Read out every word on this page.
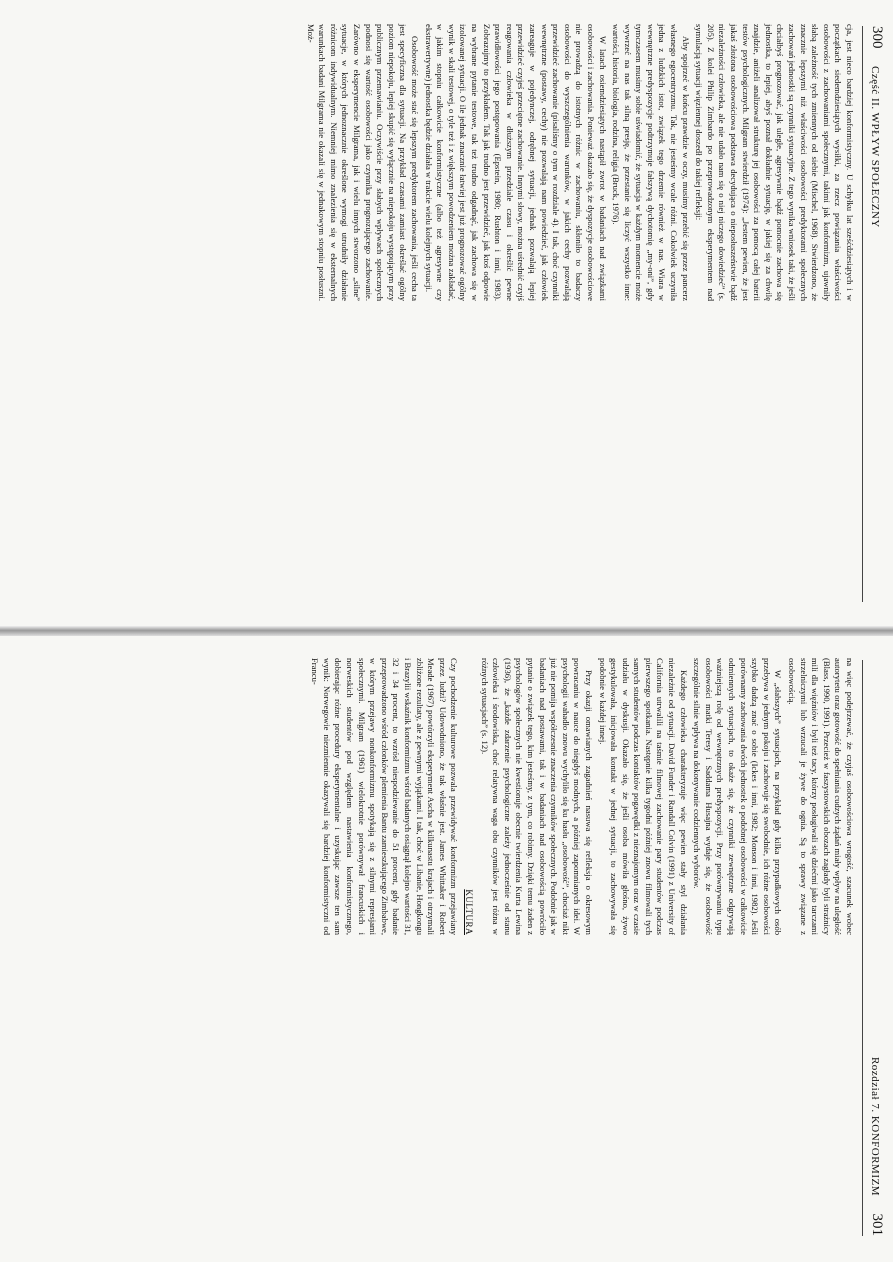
300
Część II. WPŁYW SPOŁECZNY

cja, jest nieco bardziej konformistyczny. U schyłku lat sześćdziesiątych i w początkach siedemdziesiątych wysiłki, za rzecz powiązania właściwości osobowości z zachowaniami społecznymi, takimi jak konformizm, ujawniły słabą zależność tych zmiennych od siebie (Mischel, 1968). Stwierdzono, że znacznie lepszymi niż właściwości osobowości predyktorami społecznych zachowań jednostki są czynniki sytuacyjne. Z tego wynika wniosek taki, że jeśli chciałbyś prognozować, jak uległe, agresywnie bądź pomocnie zachowa się jednostka, to lepiej, abyś poznał dokładnie sytuację, w jakiej się za chwilę znajdzie, aniżeli analizował strukturę jej osobowości za pomocą całej baterii testów psychologicznych. Milgram stwierdził (1974): „Jestem pewien, że jest jakaś złożona osobowościowa podstawa decydująca o nieposłuszeństwie bądź niezależności człowieka, ale nie udało nam się o niej niczego dowiedzieć” (s. 205). Z kolei Philip Zimbardo po przeprowadzonym eksperymentem nad symulacją sytuacji więziennej doszedł do takiej refleksji:

Aby spojrzeć w końcu prawdzie w oczy, musimy przebić się przez pancerz własnego egocentryzmu. Tak, nie jesteśmy wcale różni. Cokolwiek uczyniła jedna z ludzkich istot, związek tego drzemie również w nas. Wiara w wewnętrzne predyspozycje podtrzymuje fałszywą dychotomię „my-oni”, gdy tymczasem musimy sobie uświadomić, że sytuacja w każdym momencie może wywrzeć na nas tak silną presję, że przestanie się liczyć wszystko inne: wartości, historia, biologia, rodzina, religia (Bruck, 1976).

W latach osiemdziesiątych nastąpił zwrot w badaniach nad związkami osobowości i zachowania. Ponieważ okazało się, że dyspozycje osobowościowe nie prowadzą do istotnych różnic w zachowaniu, skłoniło to badaczy osobowości do wyszczególnienia warunków, w jakich cechy pozwalają przewidzieć zachowanie (pisaliśmy o tym w rozdziale 4). I tak, choć czynniki wewnętrzne (postawy, cechy) nie pozwalają nam powiedzieć, jak człowiek zareaguje w pojedynczej, odrębnej sytuacji, jednak pozwalają lepiej przewidzieć czyjeś przeciętne zachowanie. Innymi słowy, można uśrednić czyjś reagowania człowieka w dłuższym przedziale czasu i określić pewne prawidłowości jego postępowania (Epstein, 1980; Rushton i inni, 1983). Zobrazujmy to przykładem. Tak jak trudno jest przewidzieć, jak ktoś odpowie na wybrane pytanie testowe, tak też trudno odgadnąć, jak zachowa się w izolowanej sytuacji. O ile jednak znacznie łatwiej jest już prognozować ogólny wynik w skali testowej, o tyle też i z większym powodzeniem można zakładać, w jakim stopniu całkowicie konformistyczne (albo też agresywne czy ekstrawertywne) jednostka będzie działała w trakcie wielu kolejnych sytuacji.

Osobowość może stać się lepszym predyktorem zachowania, jeśli cecha ta jest specyficzna dla sytuacji. Na przykład czasami zamiast określać ogólny poziom niepokoju, lepiej skupić się wyłącznie na niepokoju występującym przy publicznym przemawianiu. Oczywiście przy słabych wpływach społecznych podnosi się wartość osobowości jako czynnika prognozującego zachowanie. Zarówno w eksperymencie Milgrama, jak i wielu innych stworzono „silne” sytuacje, w których jednoznacznie określone wymogi utrudniły działanie różnicom indywidualnym. Niemniej mimo znalezienia się w eksternalnych warunkach badani Milgrama nie okazali się w jednakowym stopniu posłuszni. Moż-

Rozdział 7. KONFORMIZM
301

na więc podejrzewać, że czyjaś osobowościowa wrogość, szacunek wobec autorytetu oraz gotowość do spełniania cudzych żądań miały wpływ na uległość (Blass, 1990, 1991). Przecież w faszystowskich obozach zagłady byli strażnicy mili dla więźniów i byli też tacy, którzy posługiwali się dziećmi jako tarczami strzelniczymi lub wrzucali je żywe do ognia. Są to sprawy związane z osobowością.

W „słabszych” sytuacjach, na przykład gdy kilka przypadkowych osób przebywa w jednym pokoju i zachowuje się swobodnie, ich różne osobowości szybko dadzą znać o sobie (Ickes i inni, 1982; Monson i inni, 1982). Jeśli porównamy zachowania dwóch jednostek o podobnej osobowości w całkowicie odmiennych sytuacjach, to okaże się, że czynniki zewnętrzne odgrywają ważniejszą rolę od wewnętrznych predyspozycji. Przy porównywaniu typu osobowości matki Teresy i Saddama Husajna wydaje się, że osobowość szczególnie silnie wpływa na dokonywanie codziennych wyborów.

Każdego człowieka charakteryzuje więc pewien stały styl działania niezależnie od sytuacji. David Funder i Randall Colvin (1991) z University of California utrwalili na taśmie filmowej zachowanie pary studentów podczas pierwszego spotkania. Następnie kilka tygodni później znowu filmowali tych samych studentów podczas kontaktów pogawędki z nieznajomym oraz w czasie udziału w dyskusji. Okazało się, że jeśli osoba mówiła głośno, żywo gestykulowała, inicjowała kontakt w jednej sytuacji, to zachowywała się podobnie w każdej innej.

Przy okazji omawianych zagadnień nasuwa się refleksja o okresowym powracaniu w nauce do niegdyś modnych, a później zapomnianych idei. W psychologii wahadło znowu wychyliło się ku hasłu „osobowość”, chociaż nikt już nie pomija współczesnie znaczenia czynników społecznych. Podobnie jak w badaniach nad postawami, tak i w badaniach nad osobowością powróciło pytanie o związek tego, kim jesteśmy, z tym, co robimy. Dzięki temu żaden z psychologów społecznych nie kwestionuje obecnie twierdzenia Kurta Lewina (1936), że „każde zdarzenie psychologiczne zależy jednocześnie od stanu człowieka i środowiska, choć relatywna waga obu czynników jest różna w różnych sytuacjach” (s. 12).

KULTURA

Czy pochodzenie kulturowe pozwala przewidywać konformizm przejawiany przez ludzi? Udowodniono, że tak właśnie jest. James Whittaker i Robert Meade (1967) powtórzyli eksperyment Ascha w kilkunastu krajach i otrzymali zbliżone rezultaty, ale z pewnymi wyjątkami. I tak, choć w Libanie, Hongkongu i Brazylii wskaźnik konformizmu wśród badanych osiągnął kolejno wartości 31, 32 i 34 procent, to wzrósł niespodziewanie do 51 procent, gdy badanie przeprowadzono wśród członków plemienia Bantu zamieszkującego Zimbabwe, w którym przejawy nonkonformizmu spotykają się z silnymi represjami społecznymi. Milgram (1961) wielokrotnie porównywał francuskich i norweskich studentów pod względem nastawienia konformistycznego, dobierając różne procedury eksperymentalne i uzyskując zawsze ten sam wynik: Norwegowie niezmiennie okazywali się bardziej konformistyczni od Francu-
